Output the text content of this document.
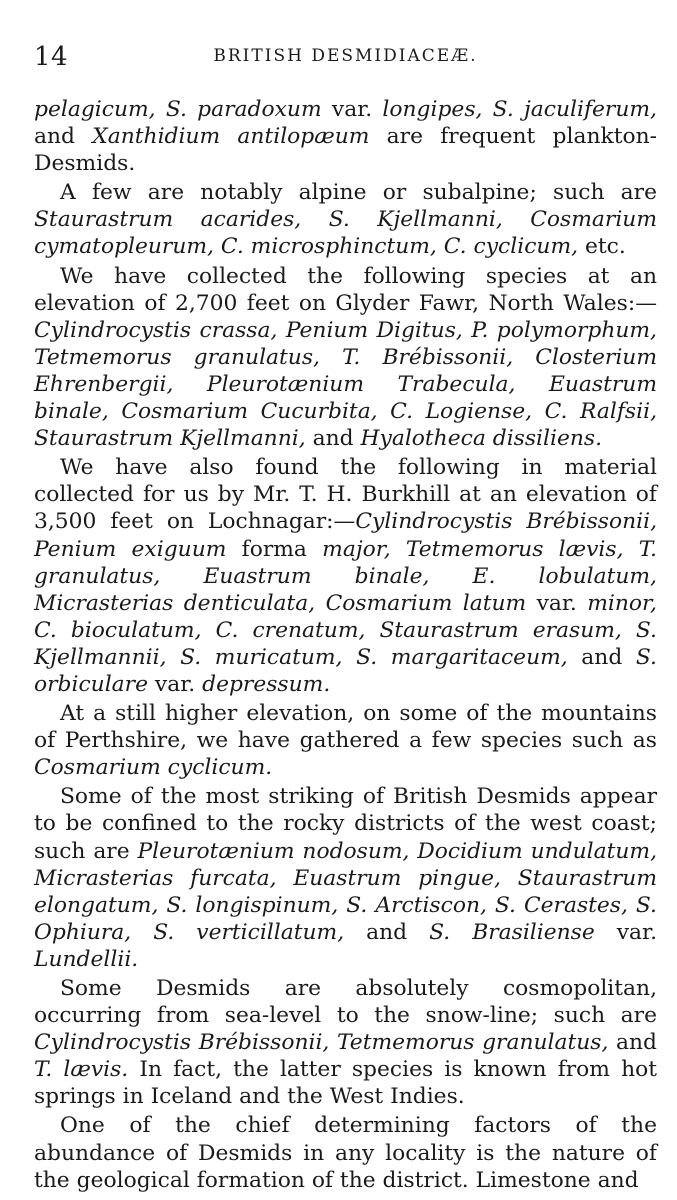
14	BRITISH DESMIDIACEÆ.

pelagicum, S. paradoxum var. longipes, S. jaculiferum, and Xanthidium antilopæum are frequent plankton-Desmids.

A few are notably alpine or subalpine; such are Staurastrum acarides, S. Kjellmanni, Cosmarium cymatopleurum, C. microsphinctum, C. cyclicum, etc.

We have collected the following species at an elevation of 2,700 feet on Glyder Fawr, North Wales:—Cylindrocystis crassa, Penium Digitus, P. polymorphum, Tetmemorus granulatus, T. Brébissonii, Closterium Ehrenbergii, Pleurotænium Trabecula, Euastrum binale, Cosmarium Cucurbita, C. Logiense, C. Ralfsii, Staurastrum Kjellmanni, and Hyalotheca dissiliens.

We have also found the following in material collected for us by Mr. T. H. Burkhill at an elevation of 3,500 feet on Lochnagar:—Cylindrocystis Brébissonii, Penium exiguum forma major, Tetmemorus lævis, T. granulatus, Euastrum binale, E. lobulatum, Micrasterias denticulata, Cosmarium latum var. minor, C. bioculatum, C. crenatum, Staurastrum erasum, S. Kjellmannii, S. muricatum, S. margaritaceum, and S. orbiculare var. depressum.

At a still higher elevation, on some of the mountains of Perthshire, we have gathered a few species such as Cosmarium cyclicum.

Some of the most striking of British Desmids appear to be confined to the rocky districts of the west coast; such are Pleurotænium nodosum, Docidium undulatum, Micrasterias furcata, Euastrum pingue, Staurastrum elongatum, S. longispinum, S. Arctiscon, S. Cerastes, S. Ophiura, S. verticillatum, and S. Brasiliense var. Lundellii.

Some Desmids are absolutely cosmopolitan, occurring from sea-level to the snow-line; such are Cylindrocystis Brébissonii, Tetmemorus granulatus, and T. lævis. In fact, the latter species is known from hot springs in Iceland and the West Indies.

One of the chief determining factors of the abundance of Desmids in any locality is the nature of the geological formation of the district. Limestone and
